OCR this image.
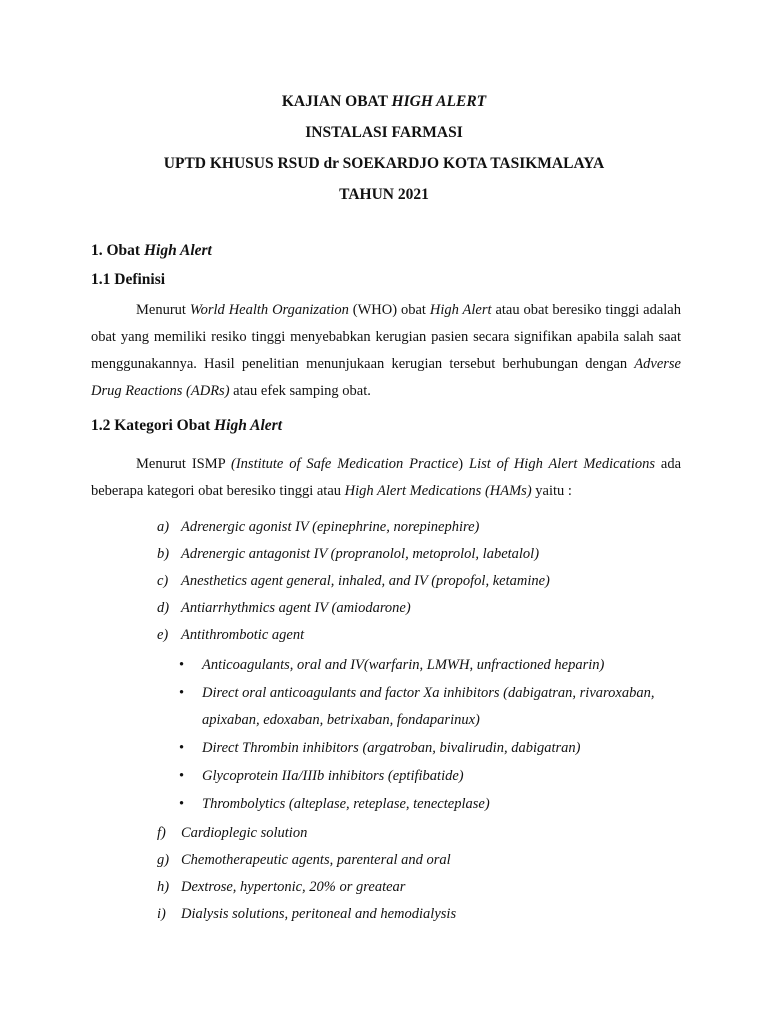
KAJIAN OBAT HIGH ALERT
INSTALASI FARMASI
UPTD KHUSUS RSUD dr SOEKARDJO KOTA TASIKMALAYA
TAHUN 2021
1. Obat High Alert
1.1 Definisi
Menurut World Health Organization (WHO) obat High Alert atau obat beresiko tinggi adalah obat yang memiliki resiko tinggi menyebabkan kerugian pasien secara signifikan apabila salah saat menggunakannya. Hasil penelitian menunjukaan kerugian tersebut berhubungan dengan Adverse Drug Reactions (ADRs) atau efek samping obat.
1.2 Kategori Obat High Alert
Menurut ISMP (Institute of Safe Medication Practice) List of High Alert Medications ada beberapa kategori obat beresiko tinggi atau High Alert Medications (HAMs) yaitu :
a) Adrenergic agonist IV (epinephrine, norepinephire)
b) Adrenergic antagonist IV (propranolol, metoprolol, labetalol)
c) Anesthetics agent general, inhaled, and IV (propofol, ketamine)
d) Antiarrhythmics agent IV (amiodarone)
e) Antithrombotic agent
• Anticoagulants, oral and IV(warfarin, LMWH, unfractioned heparin)
• Direct oral anticoagulants and factor Xa inhibitors (dabigatran, rivaroxaban, apixaban, edoxaban, betrixaban, fondaparinux)
• Direct Thrombin inhibitors (argatroban, bivalirudin, dabigatran)
• Glycoprotein IIa/IIIb inhibitors (eptifibatide)
• Thrombolytics (alteplase, reteplase, tenecteplase)
f) Cardioplegic solution
g) Chemotherapeutic agents, parenteral and oral
h) Dextrose, hypertonic, 20% or greatear
i) Dialysis solutions, peritoneal and hemodialysis
